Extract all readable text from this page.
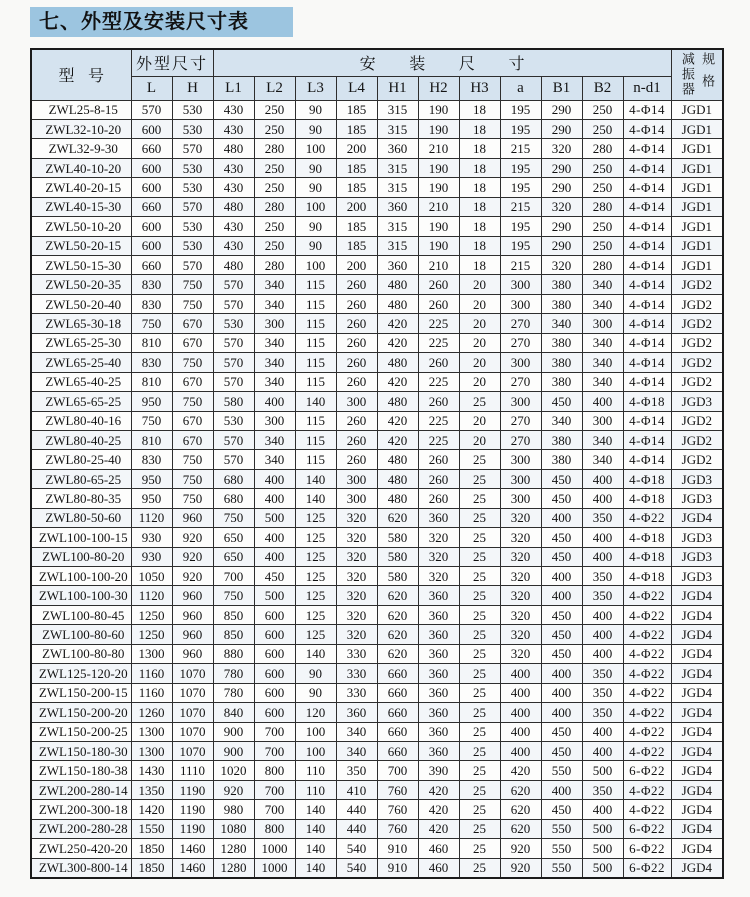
七、外型及安装尺寸表
型号	外型尺寸		安装尺寸											减振器 规格

	L	H	L1	L2	L3	L4	H1	H2	H3	a	B1	B2	n-d1	
ZWL25-8-15	570	530	430	250	90	185	315	190	18	195	290	250	4-Φ14	JGD1
ZWL32-10-20	600	530	430	250	90	185	315	190	18	195	290	250	4-Φ14	JGD1
ZWL32-9-30	660	570	480	280	100	200	360	210	18	215	320	280	4-Φ14	JGD1
ZWL40-10-20	600	530	430	250	90	185	315	190	18	195	290	250	4-Φ14	JGD1
ZWL40-20-15	600	530	430	250	90	185	315	190	18	195	290	250	4-Φ14	JGD1
ZWL40-15-30	660	570	480	280	100	200	360	210	18	215	320	280	4-Φ14	JGD1
ZWL50-10-20	600	530	430	250	90	185	315	190	18	195	290	250	4-Φ14	JGD1
ZWL50-20-15	600	530	430	250	90	185	315	190	18	195	290	250	4-Φ14	JGD1
ZWL50-15-30	660	570	480	280	100	200	360	210	18	215	320	280	4-Φ14	JGD1
ZWL50-20-35	830	750	570	340	115	260	480	260	20	300	380	340	4-Φ14	JGD2
ZWL50-20-40	830	750	570	340	115	260	480	260	20	300	380	340	4-Φ14	JGD2
ZWL65-30-18	750	670	530	300	115	260	420	225	20	270	340	300	4-Φ14	JGD2
ZWL65-25-30	810	670	570	340	115	260	420	225	20	270	380	340	4-Φ14	JGD2
ZWL65-25-40	830	750	570	340	115	260	480	260	20	300	380	340	4-Φ14	JGD2
ZWL65-40-25	810	670	570	340	115	260	420	225	20	270	380	340	4-Φ14	JGD2
ZWL65-65-25	950	750	580	400	140	300	480	260	25	300	450	400	4-Φ18	JGD3
ZWL80-40-16	750	670	530	300	115	260	420	225	20	270	340	300	4-Φ14	JGD2
ZWL80-40-25	810	670	570	340	115	260	420	225	20	270	380	340	4-Φ14	JGD2
ZWL80-25-40	830	750	570	340	115	260	480	260	25	300	380	340	4-Φ14	JGD2
ZWL80-65-25	950	750	680	400	140	300	480	260	25	300	450	400	4-Φ18	JGD3
ZWL80-80-35	950	750	680	400	140	300	480	260	25	300	450	400	4-Φ18	JGD3
ZWL80-50-60	1120	960	750	500	125	320	620	360	25	320	400	350	4-Φ22	JGD4
ZWL100-100-15	930	920	650	400	125	320	580	320	25	320	450	400	4-Φ18	JGD3
ZWL100-80-20	930	920	650	400	125	320	580	320	25	320	450	400	4-Φ18	JGD3
ZWL100-100-20	1050	920	700	450	125	320	580	320	25	320	400	350	4-Φ18	JGD3
ZWL100-100-30	1120	960	750	500	125	320	620	360	25	320	400	350	4-Φ22	JGD4
ZWL100-80-45	1250	960	850	600	125	320	620	360	25	320	450	400	4-Φ22	JGD4
ZWL100-80-60	1250	960	850	600	125	320	620	360	25	320	450	400	4-Φ22	JGD4
ZWL100-80-80	1300	960	880	600	140	330	620	360	25	320	450	400	4-Φ22	JGD4
ZWL125-120-20	1160	1070	780	600	90	330	660	360	25	400	400	350	4-Φ22	JGD4
ZWL150-200-15	1160	1070	780	600	90	330	660	360	25	400	400	350	4-Φ22	JGD4
ZWL150-200-20	1260	1070	840	600	120	360	660	360	25	400	400	350	4-Φ22	JGD4
ZWL150-200-25	1300	1070	900	700	100	340	660	360	25	400	450	400	4-Φ22	JGD4
ZWL150-180-30	1300	1070	900	700	100	340	660	360	25	400	450	400	4-Φ22	JGD4
ZWL150-180-38	1430	1110	1020	800	110	350	700	390	25	420	550	500	6-Φ22	JGD4
ZWL200-280-14	1350	1190	920	700	110	410	760	420	25	620	400	350	4-Φ22	JGD4
ZWL200-300-18	1420	1190	980	700	140	440	760	420	25	620	450	400	4-Φ22	JGD4
ZWL200-280-28	1550	1190	1080	800	140	440	760	420	25	620	550	500	6-Φ22	JGD4
ZWL250-420-20	1850	1460	1280	1000	140	540	910	460	25	920	550	500	6-Φ22	JGD4
ZWL300-800-14	1850	1460	1280	1000	140	540	910	460	25	920	550	500	6-Φ22	JGD4
